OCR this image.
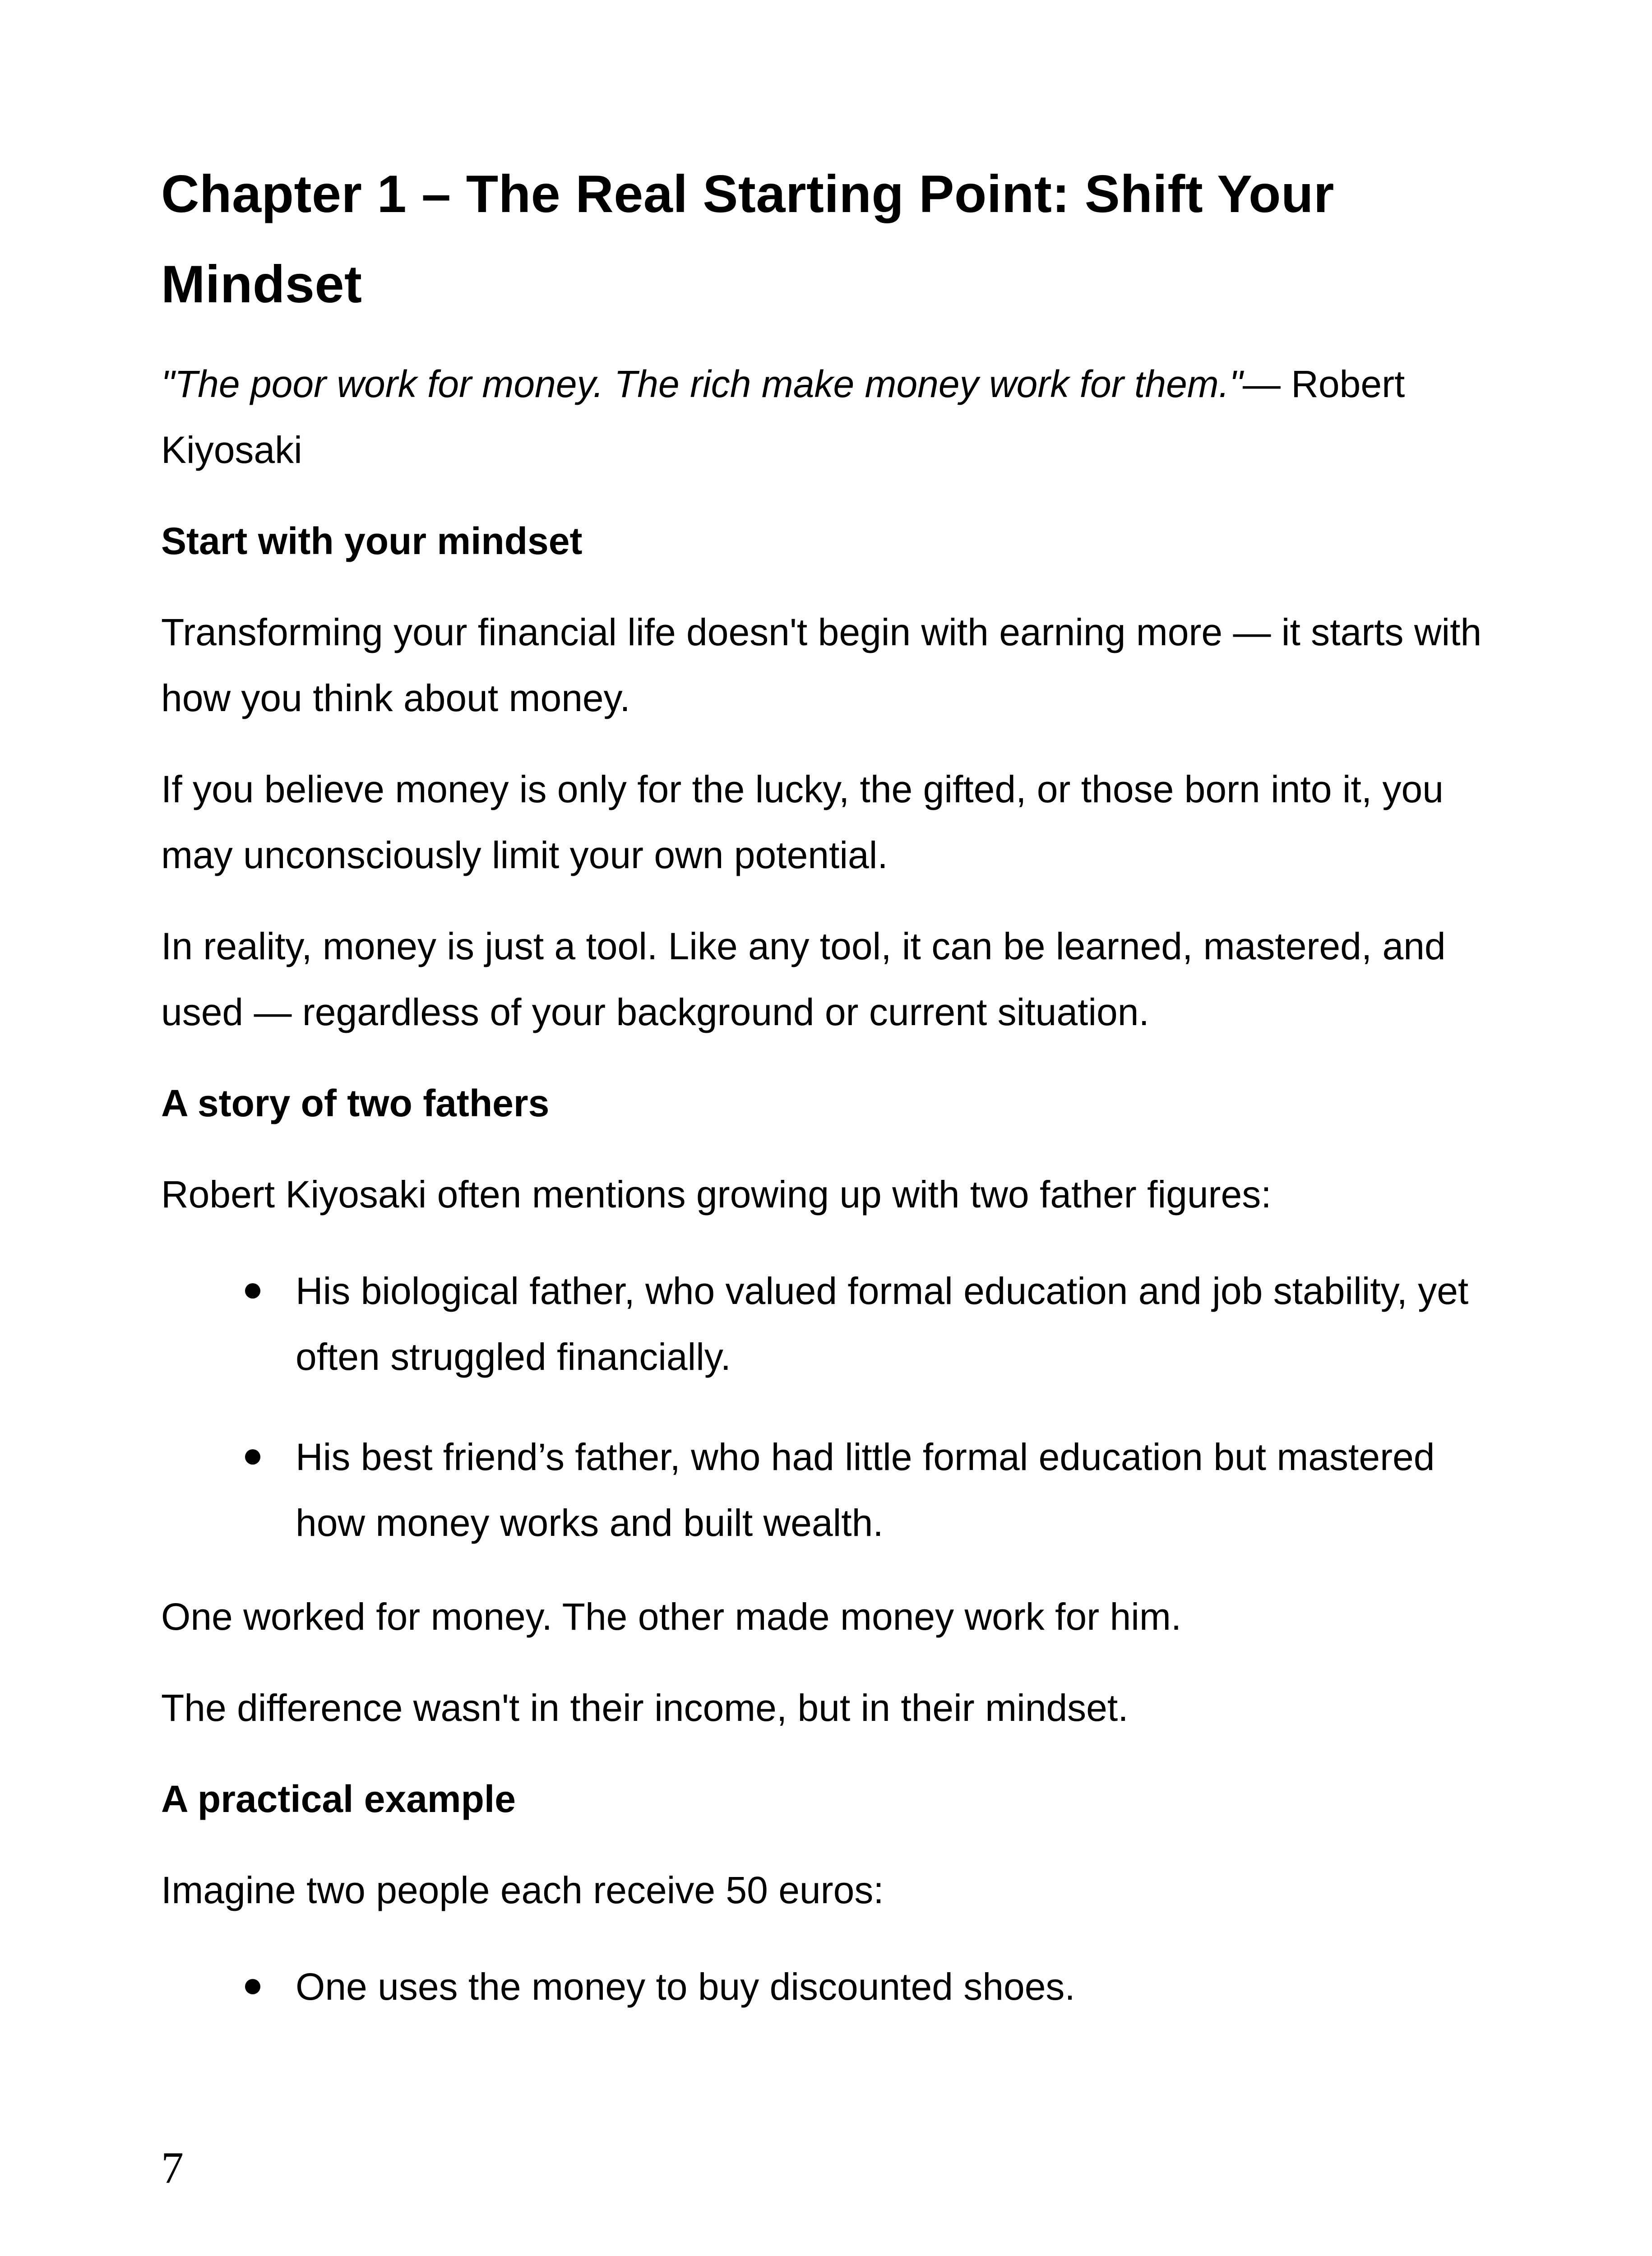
Chapter 1 – The Real Starting Point: Shift Your Mindset

"The poor work for money. The rich make money work for them."— Robert Kiyosaki

Start with your mindset

Transforming your financial life doesn't begin with earning more — it starts with how you think about money.

If you believe money is only for the lucky, the gifted, or those born into it, you may unconsciously limit your own potential.

In reality, money is just a tool. Like any tool, it can be learned, mastered, and used — regardless of your background or current situation.

A story of two fathers

Robert Kiyosaki often mentions growing up with two father figures:

His biological father, who valued formal education and job stability, yet often struggled financially.
His best friend’s father, who had little formal education but mastered how money works and built wealth.

One worked for money. The other made money work for him.

The difference wasn't in their income, but in their mindset.

A practical example

Imagine two people each receive 50 euros:

One uses the money to buy discounted shoes.
7
